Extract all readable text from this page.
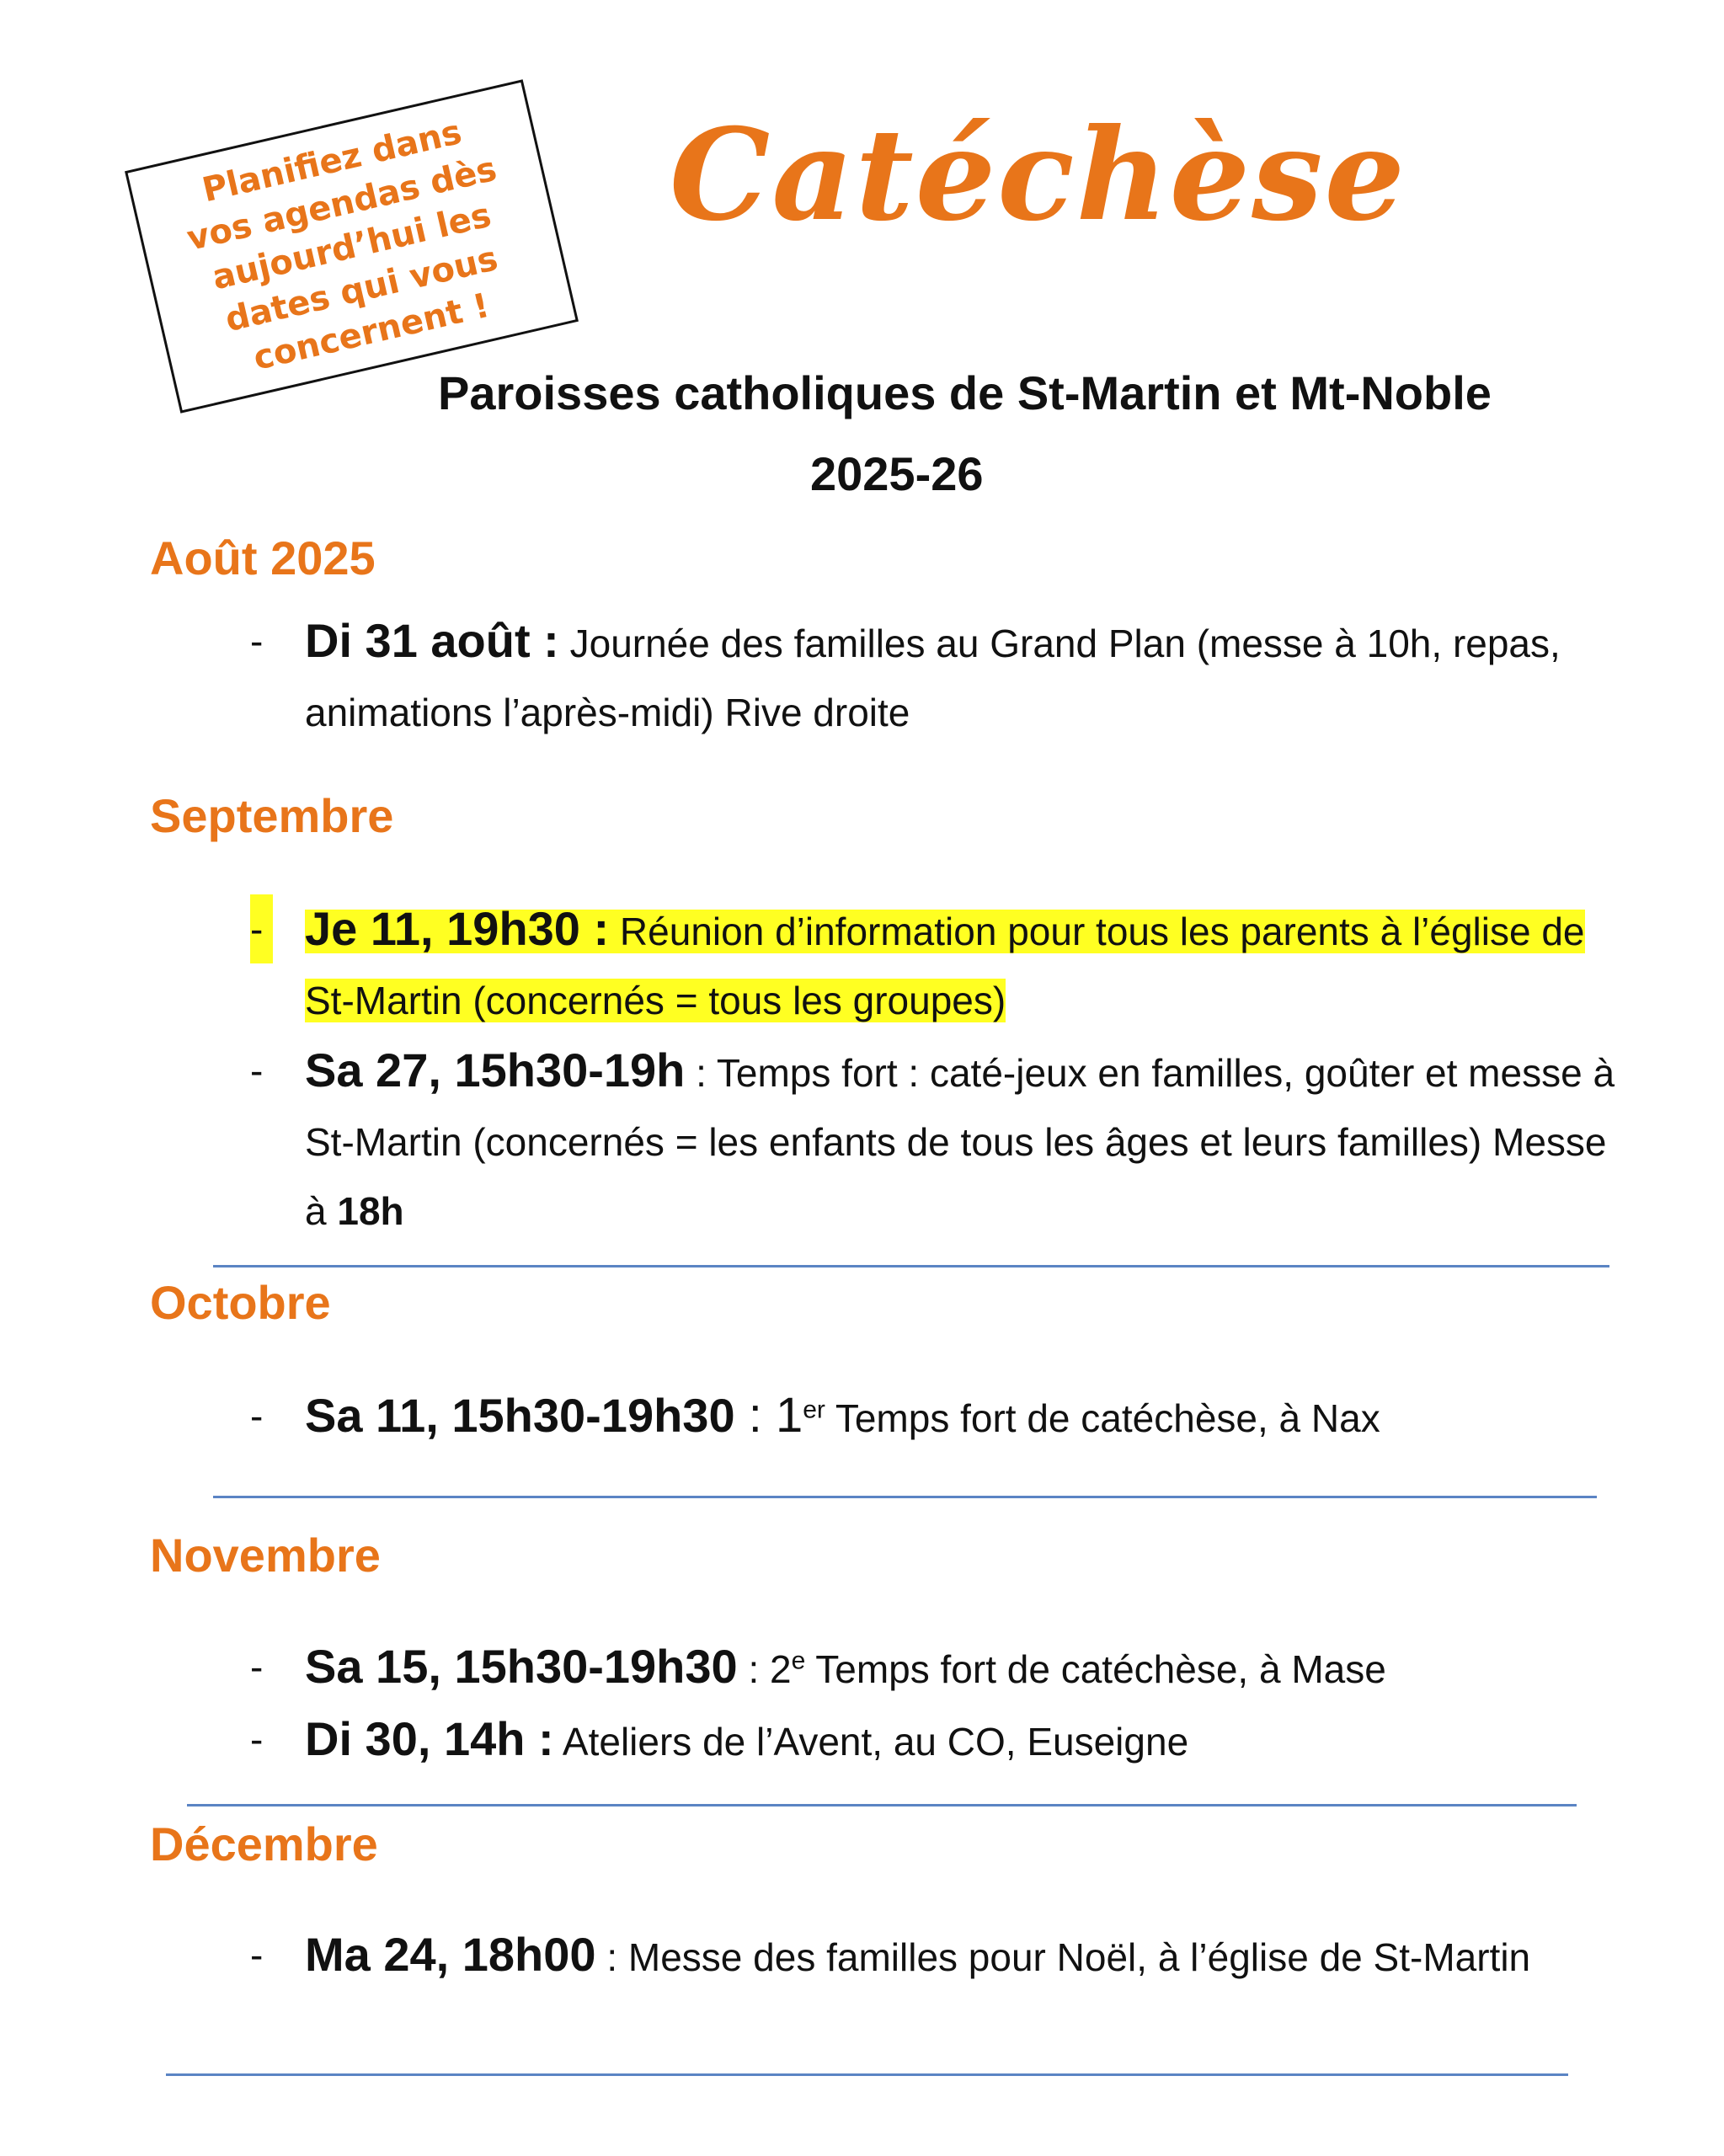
Planifiez dans
vos agendas dès
aujourd’hui les
dates qui vous
concernent !
Catéchèse
Paroisses catholiques de St-Martin et Mt-Noble
2025-26
Août 2025
- Di 31 août : Journée des familles au Grand Plan (messe à 10h, repas, animations l’après-midi) Rive droite
Septembre
- Je 11, 19h30 : Réunion d’information pour tous les parents à l’église de St-Martin (concernés = tous les groupes)
- Sa 27, 15h30-19h : Temps fort : caté-jeux en familles, goûter et messe à St-Martin (concernés = les enfants de tous les âges et leurs familles) Messe à 18h
Octobre
- Sa 11, 15h30-19h30 : 1er Temps fort de catéchèse, à Nax
Novembre
- Sa 15, 15h30-19h30 : 2e Temps fort de catéchèse, à Mase
- Di 30, 14h : Ateliers de l’Avent, au CO, Euseigne
Décembre
- Ma 24, 18h00 : Messe des familles pour Noël, à l’église de St-Martin
